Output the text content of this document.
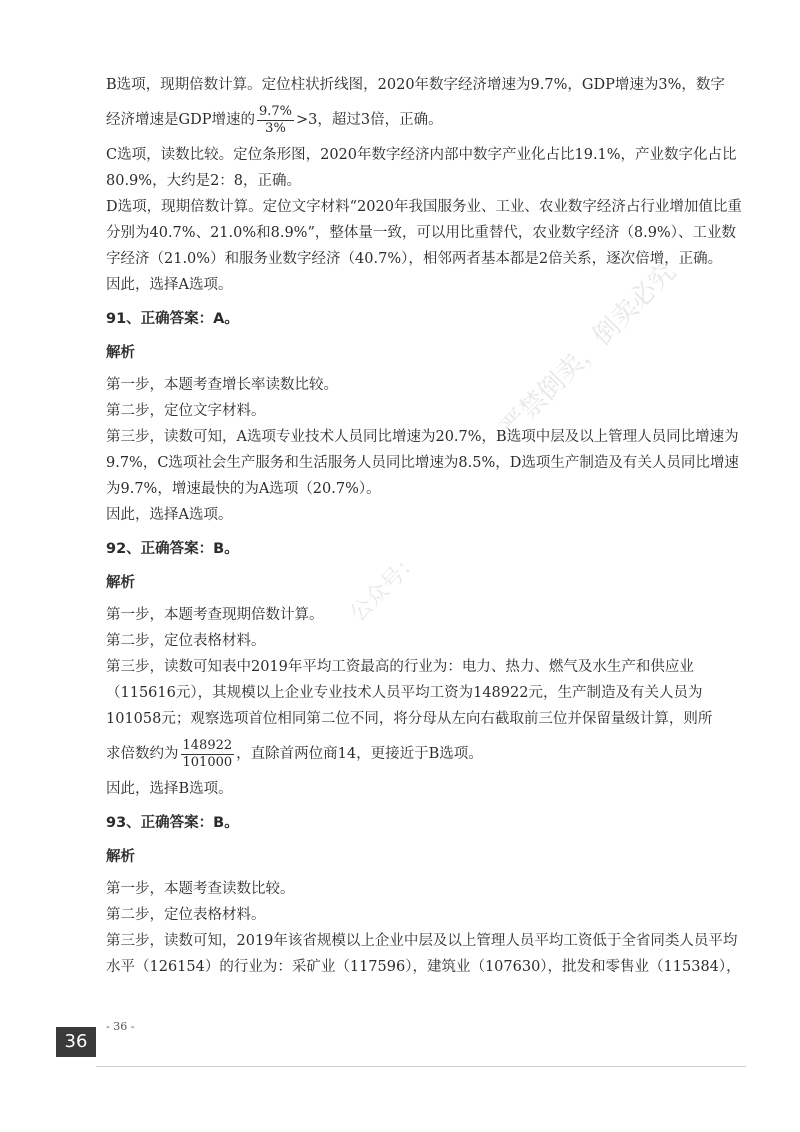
严禁倒卖，倒卖必究
公众号：

B选项，现期倍数计算。定位柱状折线图，2020年数字经济增速为9.7%，GDP增速为3%，数字

经济增速是GDP增速的 $\frac{9.7\%}{3\%} >3$，超过3倍，正确。

C选项，读数比较。定位条形图，2020年数字经济内部中数字产业化占比19.1%，产业数字化占比80.9%，大约是2：8，正确。

D选项，现期倍数计算。定位文字材料“2020年我国服务业、工业、农业数字经济占行业增加值比重分别为40.7%、21.0%和8.9%”，整体量一致，可以用比重替代，农业数字经济（8.9%）、工业数字经济（21.0%）和服务业数字经济（40.7%），相邻两者基本都是2倍关系，逐次倍增，正确。

因此，选择A选项。

91、正确答案：A。
解析

第一步，本题考查增长率读数比较。

第二步，定位文字材料。

第三步，读数可知，A选项专业技术人员同比增速为20.7%，B选项中层及以上管理人员同比增速为9.7%，C选项社会生产服务和生活服务人员同比增速为8.5%，D选项生产制造及有关人员同比增速为9.7%，增速最快的为A选项（20.7%）。

因此，选择A选项。

92、正确答案：B。
解析

第一步，本题考查现期倍数计算。

第二步，定位表格材料。

第三步，读数可知表中2019年平均工资最高的行业为：电力、热力、燃气及水生产和供应业（115616元），其规模以上企业专业技术人员平均工资为148922元，生产制造及有关人员为101058元；观察选项首位相同第二位不同，将分母从左向右截取前三位并保留量级计算，则所

求倍数约为 $\frac{148922}{101000}$ ，直除首两位商14，更接近于B选项。

因此，选择B选项。

93、正确答案：B。
解析

第一步，本题考查读数比较。

第二步，定位表格材料。

第三步，读数可知，2019年该省规模以上企业中层及以上管理人员平均工资低于全省同类人员平均水平（126154）的行业为：采矿业（117596），建筑业（107630），批发和零售业（115384），

- 36 -
36
